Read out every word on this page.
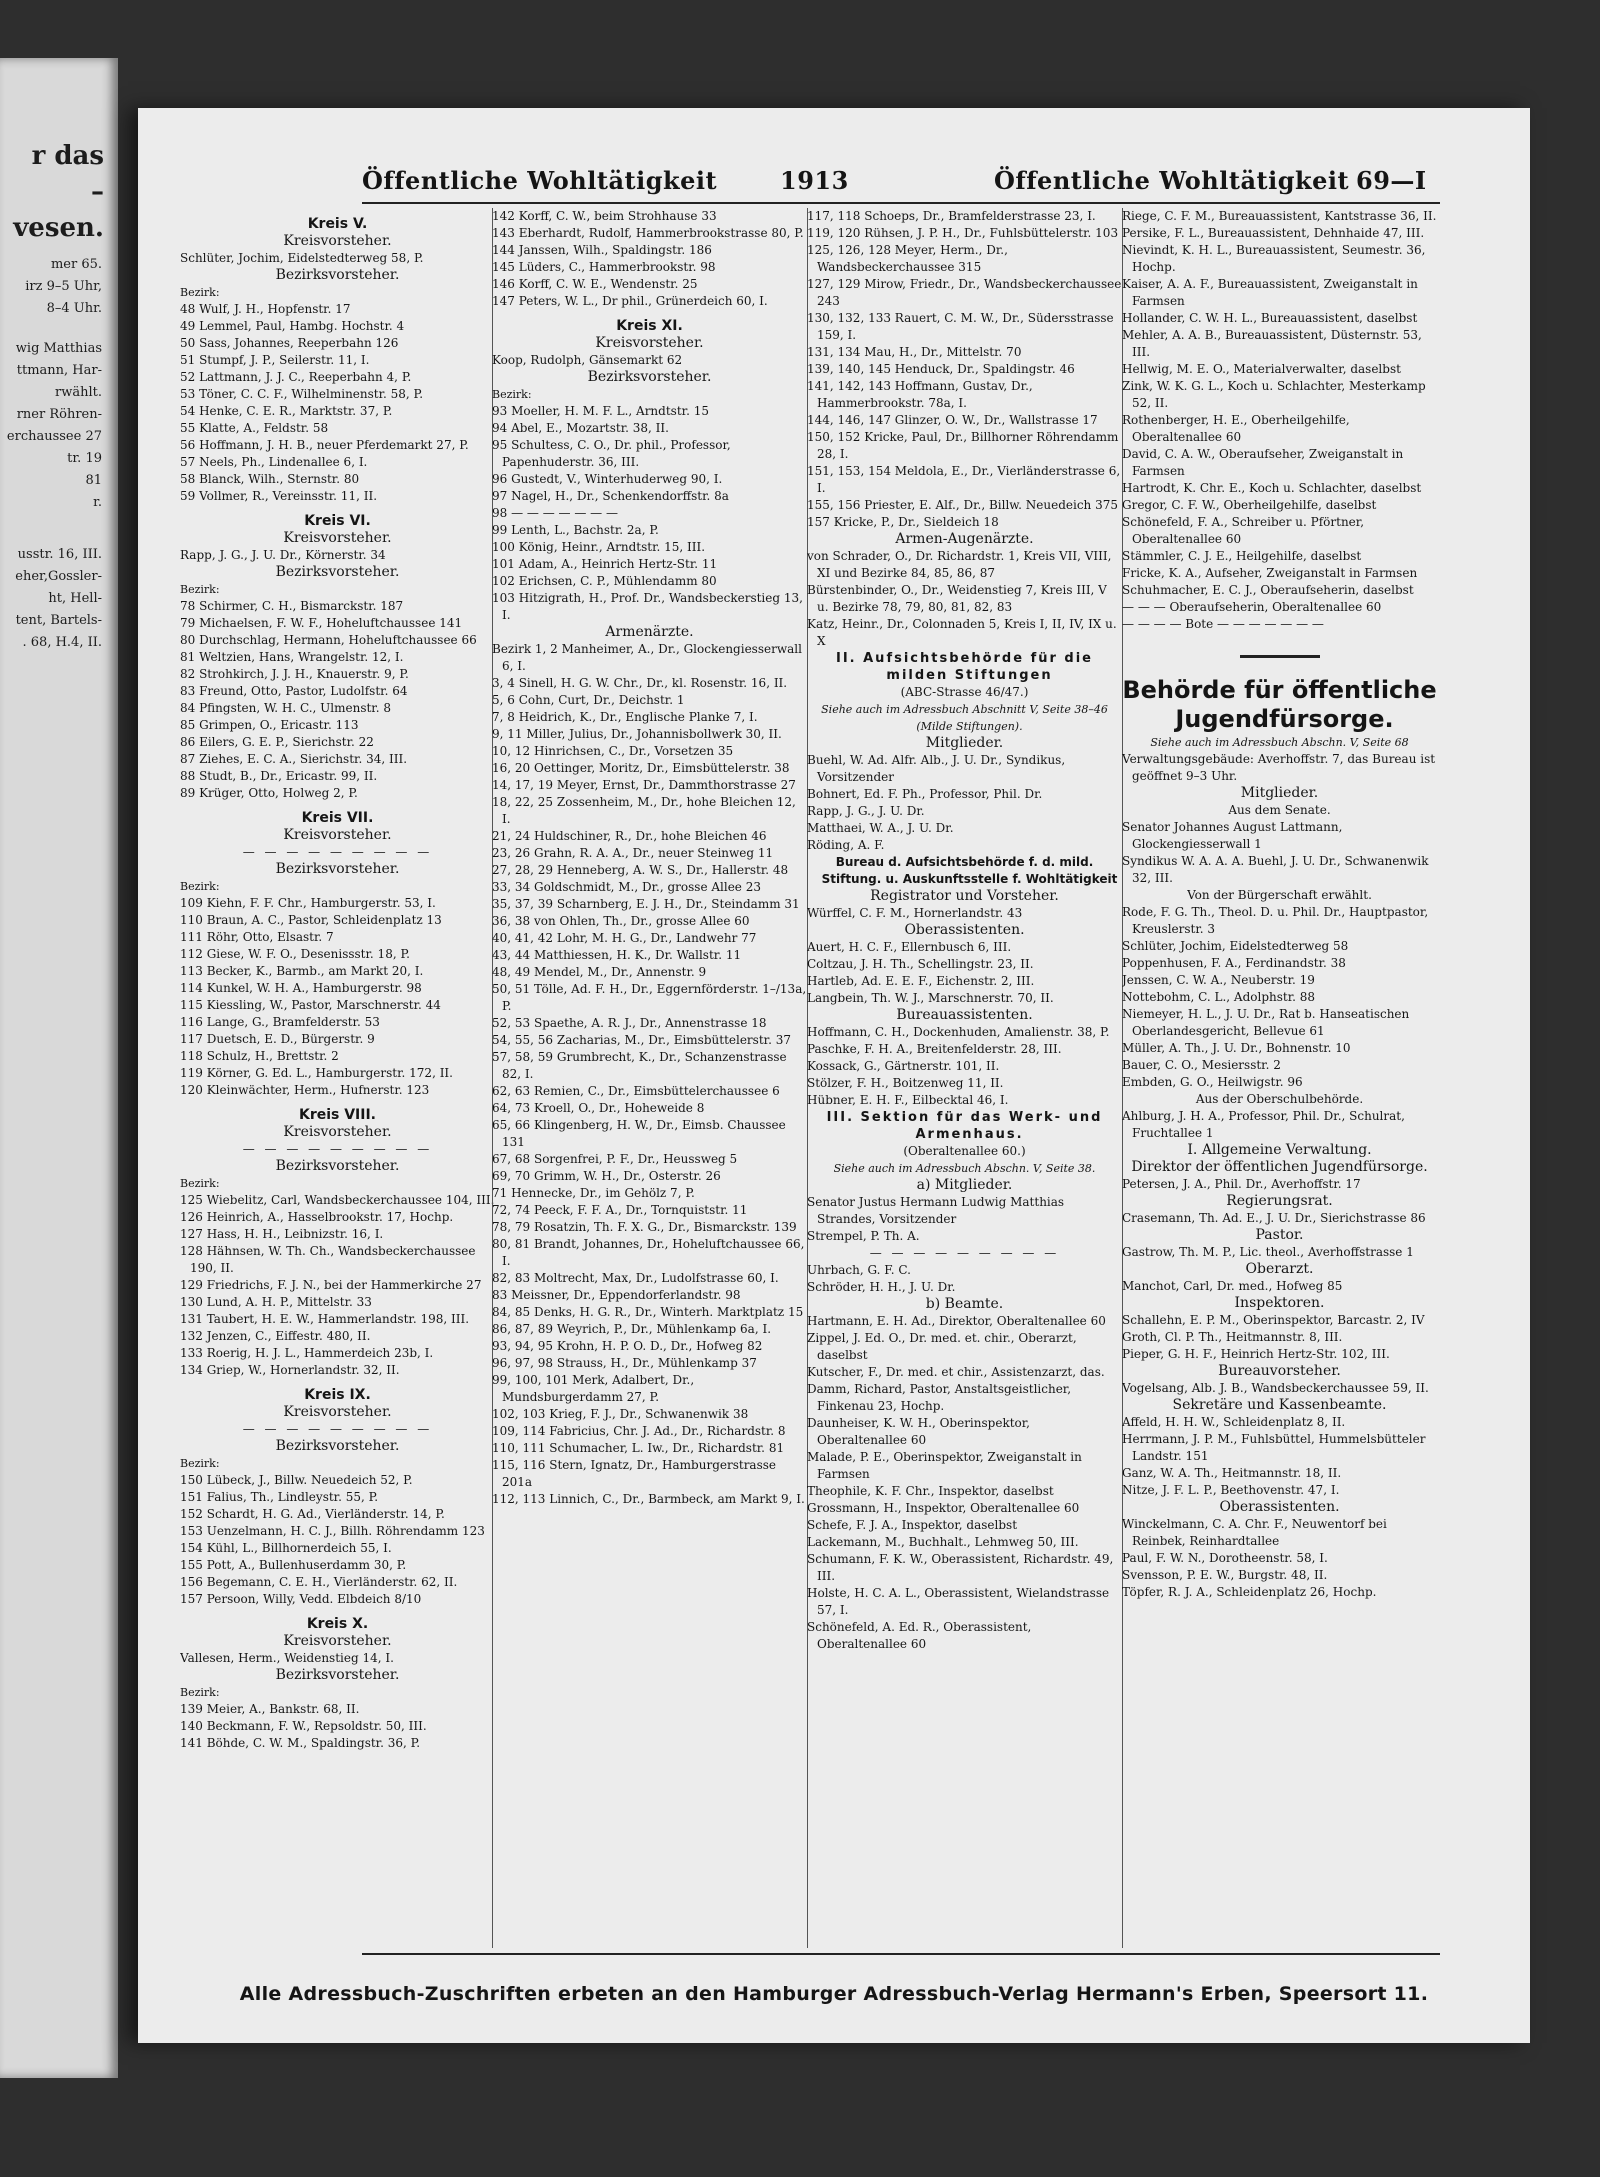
r das
–
vesen.
mer 65.
irz 9–5 Uhr,
8–4 Uhr.
wig Matthias
ttmann, Har-
rwählt.
rner Röhren-
erchaussee 27
tr. 19
81
r.
usstr. 16, III.
eher,Gossler-
ht, Hell-
tent, Bartels-
. 68, H.4, II.
Öffentliche Wohltätigkeit	1913	Öffentliche Wohltätigkeit 69—I

Kreis V.

Kreisvorsteher.

Schlüter, Jochim, Eidelstedterweg 58, P.

Bezirksvorsteher.

Bezirk:

48 Wulf, J. H., Hopfenstr. 17

49 Lemmel, Paul, Hambg. Hochstr. 4

50 Sass, Johannes, Reeperbahn 126

51 Stumpf, J. P., Seilerstr. 11, I.

52 Lattmann, J. J. C., Reeperbahn 4, P.

53 Töner, C. C. F., Wilhelminenstr. 58, P.

54 Henke, C. E. R., Marktstr. 37, P.

55 Klatte, A., Feldstr. 58

56 Hoffmann, J. H. B., neuer Pferdemarkt 27, P.

57 Neels, Ph., Lindenallee 6, I.

58 Blanck, Wilh., Sternstr. 80

59 Vollmer, R., Vereinsstr. 11, II.

Kreis VI.

Kreisvorsteher.

Rapp, J. G., J. U. Dr., Körnerstr. 34

Bezirksvorsteher.

Bezirk:

78 Schirmer, C. H., Bismarckstr. 187

79 Michaelsen, F. W. F., Hoheluftchaussee 141

80 Durchschlag, Hermann, Hoheluftchaussee 66

81 Weltzien, Hans, Wrangelstr. 12, I.

82 Strohkirch, J. J. H., Knauerstr. 9, P.

83 Freund, Otto, Pastor, Ludolfstr. 64

84 Pfingsten, W. H. C., Ulmenstr. 8

85 Grimpen, O., Ericastr. 113

86 Eilers, G. E. P., Sierichstr. 22

87 Ziehes, E. C. A., Sierichstr. 34, III.

88 Studt, B., Dr., Ericastr. 99, II.

89 Krüger, Otto, Holweg 2, P.

Kreis VII.

Kreisvorsteher.

— — — — — — — — —

Bezirksvorsteher.

Bezirk:

109 Kiehn, F. F. Chr., Hamburgerstr. 53, I.

110 Braun, A. C., Pastor, Schleidenplatz 13

111 Röhr, Otto, Elsastr. 7

112 Giese, W. F. O., Desenissstr. 18, P.

113 Becker, K., Barmb., am Markt 20, I.

114 Kunkel, W. H. A., Hamburgerstr. 98

115 Kiessling, W., Pastor, Marschnerstr. 44

116 Lange, G., Bramfelderstr. 53

117 Duetsch, E. D., Bürgerstr. 9

118 Schulz, H., Brettstr. 2

119 Körner, G. Ed. L., Hamburgerstr. 172, II.

120 Kleinwächter, Herm., Hufnerstr. 123

Kreis VIII.

Kreisvorsteher.

— — — — — — — — —

Bezirksvorsteher.

Bezirk:

125 Wiebelitz, Carl, Wandsbeckerchaussee 104, III.

126 Heinrich, A., Hasselbrookstr. 17, Hochp.

127 Hass, H. H., Leibnizstr. 16, I.

128 Hähnsen, W. Th. Ch., Wandsbeckerchaussee 190, II.

129 Friedrichs, F. J. N., bei der Hammerkirche 27

130 Lund, A. H. P., Mittelstr. 33

131 Taubert, H. E. W., Hammerlandstr. 198, III.

132 Jenzen, C., Eiffestr. 480, II.

133 Roerig, H. J. L., Hammerdeich 23b, I.

134 Griep, W., Hornerlandstr. 32, II.

Kreis IX.

Kreisvorsteher.

— — — — — — — — —

Bezirksvorsteher.

Bezirk:

150 Lübeck, J., Billw. Neuedeich 52, P.

151 Falius, Th., Lindleystr. 55, P.

152 Schardt, H. G. Ad., Vierländerstr. 14, P.

153 Uenzelmann, H. C. J., Billh. Röhrendamm 123

154 Kühl, L., Billhornerdeich 55, I.

155 Pott, A., Bullenhuserdamm 30, P.

156 Begemann, C. E. H., Vierländerstr. 62, II.

157 Persoon, Willy, Vedd. Elbdeich 8/10

Kreis X.

Kreisvorsteher.

Vallesen, Herm., Weidenstieg 14, I.

Bezirksvorsteher.

Bezirk:

139 Meier, A., Bankstr. 68, II.

140 Beckmann, F. W., Repsoldstr. 50, III.

141 Böhde, C. W. M., Spaldingstr. 36, P.

142 Korff, C. W., beim Strohhause 33

143 Eberhardt, Rudolf, Hammerbrookstrasse 80, P.

144 Janssen, Wilh., Spaldingstr. 186

145 Lüders, C., Hammerbrookstr. 98

146 Korff, C. W. E., Wendenstr. 25

147 Peters, W. L., Dr phil., Grünerdeich 60, I.

Kreis XI.

Kreisvorsteher.

Koop, Rudolph, Gänsemarkt 62

Bezirksvorsteher.

Bezirk:

93 Moeller, H. M. F. L., Arndtstr. 15

94 Abel, E., Mozartstr. 38, II.

95 Schultess, C. O., Dr. phil., Professor, Papenhuderstr. 36, III.

96 Gustedt, V., Winterhuderweg 90, I.

97 Nagel, H., Dr., Schenkendorffstr. 8a

98 — — — — — — —

99 Lenth, L., Bachstr. 2a, P.

100 König, Heinr., Arndtstr. 15, III.

101 Adam, A., Heinrich Hertz-Str. 11

102 Erichsen, C. P., Mühlendamm 80

103 Hitzigrath, H., Prof. Dr., Wandsbeckerstieg 13, I.

Armenärzte.

Bezirk 1, 2 Manheimer, A., Dr., Glockengiesserwall 6, I.

3, 4 Sinell, H. G. W. Chr., Dr., kl. Rosenstr. 16, II.

5, 6 Cohn, Curt, Dr., Deichstr. 1

7, 8 Heidrich, K., Dr., Englische Planke 7, I.

9, 11 Miller, Julius, Dr., Johannisbollwerk 30, II.

10, 12 Hinrichsen, C., Dr., Vorsetzen 35

16, 20 Oettinger, Moritz, Dr., Eimsbüttelerstr. 38

14, 17, 19 Meyer, Ernst, Dr., Dammthorstrasse 27

18, 22, 25 Zossenheim, M., Dr., hohe Bleichen 12, I.

21, 24 Huldschiner, R., Dr., hohe Bleichen 46

23, 26 Grahn, R. A. A., Dr., neuer Steinweg 11

27, 28, 29 Henneberg, A. W. S., Dr., Hallerstr. 48

33, 34 Goldschmidt, M., Dr., grosse Allee 23

35, 37, 39 Scharnberg, E. J. H., Dr., Steindamm 31

36, 38 von Ohlen, Th., Dr., grosse Allee 60

40, 41, 42 Lohr, M. H. G., Dr., Landwehr 77

43, 44 Matthiessen, H. K., Dr. Wallstr. 11

48, 49 Mendel, M., Dr., Annenstr. 9

50, 51 Tölle, Ad. F. H., Dr., Eggernförderstr. 1–/13a, P.

52, 53 Spaethe, A. R. J., Dr., Annenstrasse 18

54, 55, 56 Zacharias, M., Dr., Eimsbüttelerstr. 37

57, 58, 59 Grumbrecht, K., Dr., Schanzenstrasse 82, I.

62, 63 Remien, C., Dr., Eimsbüttelerchaussee 6

64, 73 Kroell, O., Dr., Hoheweide 8

65, 66 Klingenberg, H. W., Dr., Eimsb. Chaussee 131

67, 68 Sorgenfrei, P. F., Dr., Heussweg 5

69, 70 Grimm, W. H., Dr., Osterstr. 26

71 Hennecke, Dr., im Gehölz 7, P.

72, 74 Peeck, F. F. A., Dr., Tornquiststr. 11

78, 79 Rosatzin, Th. F. X. G., Dr., Bismarckstr. 139

80, 81 Brandt, Johannes, Dr., Hoheluftchaussee 66, I.

82, 83 Moltrecht, Max, Dr., Ludolfstrasse 60, I.

83 Meissner, Dr., Eppendorferlandstr. 98

84, 85 Denks, H. G. R., Dr., Winterh. Marktplatz 15

86, 87, 89 Weyrich, P., Dr., Mühlenkamp 6a, I.

93, 94, 95 Krohn, H. P. O. D., Dr., Hofweg 82

96, 97, 98 Strauss, H., Dr., Mühlenkamp 37

99, 100, 101 Merk, Adalbert, Dr., Mundsburgerdamm 27, P.

102, 103 Krieg, F. J., Dr., Schwanenwik 38

109, 114 Fabricius, Chr. J. Ad., Dr., Richardstr. 8

110, 111 Schumacher, L. Iw., Dr., Richardstr. 81

115, 116 Stern, Ignatz, Dr., Hamburgerstrasse 201a

112, 113 Linnich, C., Dr., Barmbeck, am Markt 9, I.

117, 118 Schoeps, Dr., Bramfelderstrasse 23, I.

119, 120 Rühsen, J. P. H., Dr., Fuhlsbüttelerstr. 103

125, 126, 128 Meyer, Herm., Dr., Wandsbeckerchaussee 315

127, 129 Mirow, Friedr., Dr., Wandsbeckerchaussee 243

130, 132, 133 Rauert, C. M. W., Dr., Südersstrasse 159, I.

131, 134 Mau, H., Dr., Mittelstr. 70

139, 140, 145 Henduck, Dr., Spaldingstr. 46

141, 142, 143 Hoffmann, Gustav, Dr., Hammerbrookstr. 78a, I.

144, 146, 147 Glinzer, O. W., Dr., Wallstrasse 17

150, 152 Kricke, Paul, Dr., Billhorner Röhrendamm 28, I.

151, 153, 154 Meldola, E., Dr., Vierländerstrasse 6, I.

155, 156 Priester, E. Alf., Dr., Billw. Neuedeich 375

157 Kricke, P., Dr., Sieldeich 18

Armen-Augenärzte.

von Schrader, O., Dr. Richardstr. 1, Kreis VII, VIII, XI und Bezirke 84, 85, 86, 87

Bürstenbinder, O., Dr., Weidenstieg 7, Kreis III, V u. Bezirke 78, 79, 80, 81, 82, 83

Katz, Heinr., Dr., Colonnaden 5, Kreis I, II, IV, IX u. X

II. Aufsichtsbehörde für die milden Stiftungen

(ABC-Strasse 46/47.)

Siehe auch im Adressbuch Abschnitt V, Seite 38–46 (Milde Stiftungen).

Mitglieder.

Buehl, W. Ad. Alfr. Alb., J. U. Dr., Syndikus, Vorsitzender

Bohnert, Ed. F. Ph., Professor, Phil. Dr.

Rapp, J. G., J. U. Dr.

Matthaei, W. A., J. U. Dr.

Röding, A. F.

Bureau d. Aufsichtsbehörde f. d. mild. Stiftung. u. Auskunftsstelle f. Wohltätigkeit

Registrator und Vorsteher.

Würffel, C. F. M., Hornerlandstr. 43

Oberassistenten.

Auert, H. C. F., Ellernbusch 6, III.

Coltzau, J. H. Th., Schellingstr. 23, II.

Hartleb, Ad. E. E. F., Eichenstr. 2, III.

Langbein, Th. W. J., Marschnerstr. 70, II.

Bureauassistenten.

Hoffmann, C. H., Dockenhuden, Amalienstr. 38, P.

Paschke, F. H. A., Breitenfelderstr. 28, III.

Kossack, G., Gärtnerstr. 101, II.

Stölzer, F. H., Boitzenweg 11, II.

Hübner, E. H. F., Eilbecktal 46, I.

III. Sektion für das Werk- und Armenhaus.

(Oberaltenallee 60.)

Siehe auch im Adressbuch Abschn. V, Seite 38.

a) Mitglieder.

Senator Justus Hermann Ludwig Matthias Strandes, Vorsitzender

Strempel, P. Th. A.

— — — — — — — — —

Uhrbach, G. F. C.

Schröder, H. H., J. U. Dr.

b) Beamte.

Hartmann, E. H. Ad., Direktor, Oberaltenallee 60

Zippel, J. Ed. O., Dr. med. et. chir., Oberarzt, daselbst

Kutscher, F., Dr. med. et chir., Assistenzarzt, das.

Damm, Richard, Pastor, Anstaltsgeistlicher, Finkenau 23, Hochp.

Daunheiser, K. W. H., Oberinspektor, Oberaltenallee 60

Malade, P. E., Oberinspektor, Zweiganstalt in Farmsen

Theophile, K. F. Chr., Inspektor, daselbst

Grossmann, H., Inspektor, Oberaltenallee 60

Schefe, F. J. A., Inspektor, daselbst

Lackemann, M., Buchhalt., Lehmweg 50, III.

Schumann, F. K. W., Oberassistent, Richardstr. 49, III.

Holste, H. C. A. L., Oberassistent, Wielandstrasse 57, I.

Schönefeld, A. Ed. R., Oberassistent, Oberaltenallee 60

Riege, C. F. M., Bureauassistent, Kantstrasse 36, II.

Persike, F. L., Bureauassistent, Dehnhaide 47, III.

Nievindt, K. H. L., Bureauassistent, Seumestr. 36, Hochp.

Kaiser, A. A. F., Bureauassistent, Zweiganstalt in Farmsen

Hollander, C. W. H. L., Bureauassistent, daselbst

Mehler, A. A. B., Bureauassistent, Düsternstr. 53, III.

Hellwig, M. E. O., Materialverwalter, daselbst

Zink, W. K. G. L., Koch u. Schlachter, Mesterkamp 52, II.

Rothenberger, H. E., Oberheilgehilfe, Oberaltenallee 60

David, C. A. W., Oberaufseher, Zweiganstalt in Farmsen

Hartrodt, K. Chr. E., Koch u. Schlachter, daselbst

Gregor, C. F. W., Oberheilgehilfe, daselbst

Schönefeld, F. A., Schreiber u. Pförtner, Oberaltenallee 60

Stämmler, C. J. E., Heilgehilfe, daselbst

Fricke, K. A., Aufseher, Zweiganstalt in Farmsen

Schuhmacher, E. C. J., Oberaufseherin, daselbst

— — — Oberaufseherin, Oberaltenallee 60

— — — — Bote — — — — — — —

Behörde für öffentliche Jugendfürsorge.

Siehe auch im Adressbuch Abschn. V, Seite 68

Verwaltungsgebäude: Averhoffstr. 7, das Bureau ist geöffnet 9–3 Uhr.

Mitglieder.

Aus dem Senate.

Senator Johannes August Lattmann, Glockengiesserwall 1

Syndikus W. A. A. A. Buehl, J. U. Dr., Schwanenwik 32, III.

Von der Bürgerschaft erwählt.

Rode, F. G. Th., Theol. D. u. Phil. Dr., Hauptpastor, Kreuslerstr. 3

Schlüter, Jochim, Eidelstedterweg 58

Poppenhusen, F. A., Ferdinandstr. 38

Jenssen, C. W. A., Neuberstr. 19

Nottebohm, C. L., Adolphstr. 88

Niemeyer, H. L., J. U. Dr., Rat b. Hanseatischen Oberlandesgericht, Bellevue 61

Müller, A. Th., J. U. Dr., Bohnenstr. 10

Bauer, C. O., Mesiersstr. 2

Embden, G. O., Heilwigstr. 96

Aus der Oberschulbehörde.

Ahlburg, J. H. A., Professor, Phil. Dr., Schulrat, Fruchtallee 1

I. Allgemeine Verwaltung.

Direktor der öffentlichen Jugendfürsorge.

Petersen, J. A., Phil. Dr., Averhoffstr. 17

Regierungsrat.

Crasemann, Th. Ad. E., J. U. Dr., Sierichstrasse 86

Pastor.

Gastrow, Th. M. P., Lic. theol., Averhoffstrasse 1

Oberarzt.

Manchot, Carl, Dr. med., Hofweg 85

Inspektoren.

Schallehn, E. P. M., Oberinspektor, Barcastr. 2, IV

Groth, Cl. P. Th., Heitmannstr. 8, III.

Pieper, G. H. F., Heinrich Hertz-Str. 102, III.

Bureauvorsteher.

Vogelsang, Alb. J. B., Wandsbeckerchaussee 59, II.

Sekretäre und Kassenbeamte.

Affeld, H. H. W., Schleidenplatz 8, II.

Herrmann, J. P. M., Fuhlsbüttel, Hummelsbütteler Landstr. 151

Ganz, W. A. Th., Heitmannstr. 18, II.

Nitze, J. F. L. P., Beethovenstr. 47, I.

Oberassistenten.

Winckelmann, C. A. Chr. F., Neuwentorf bei Reinbek, Reinhardtallee

Paul, F. W. N., Dorotheenstr. 58, I.

Svensson, P. E. W., Burgstr. 48, II.

Töpfer, R. J. A., Schleidenplatz 26, Hochp.

Alle Adressbuch-Zuschriften erbeten an den Hamburger Adressbuch-Verlag Hermann's Erben, Speersort 11.
